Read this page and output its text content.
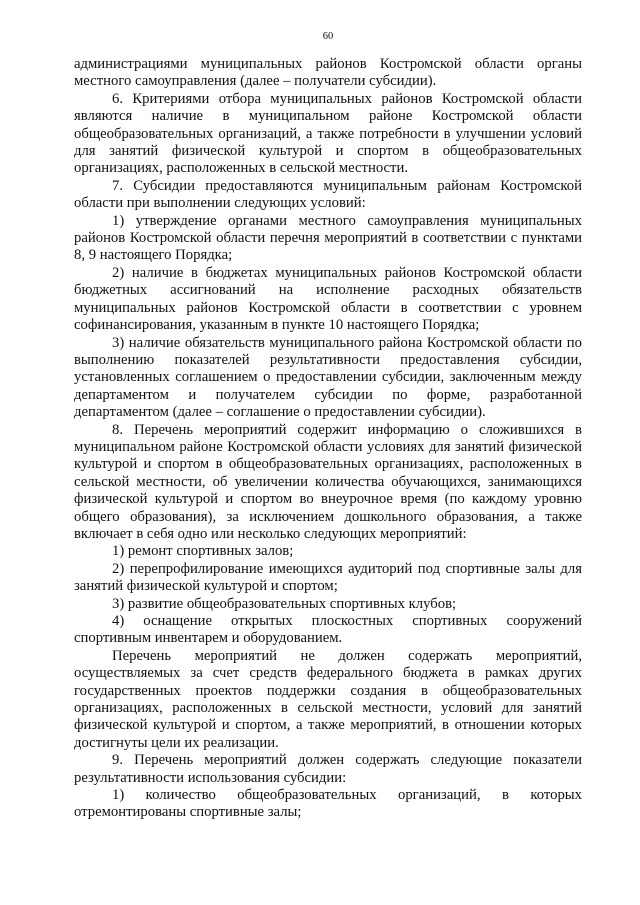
60

администрациями муниципальных районов Костромской области органы местного самоуправления (далее – получатели субсидии).

6. Критериями отбора муниципальных районов Костромской области являются наличие в муниципальном районе Костромской области общеобразовательных организаций, а также потребности в улучшении условий для занятий физической культурой и спортом в общеобразовательных организациях, расположенных в сельской местности.

7. Субсидии предоставляются муниципальным районам Костромской области при выполнении следующих условий:

1) утверждение органами местного самоуправления муниципальных районов Костромской области перечня мероприятий в соответствии с пунктами 8, 9 настоящего Порядка;

2) наличие в бюджетах муниципальных районов Костромской области бюджетных ассигнований на исполнение расходных обязательств муниципальных районов Костромской области в соответствии с уровнем софинансирования, указанным в пункте 10 настоящего Порядка;

3) наличие обязательств муниципального района Костромской области по выполнению показателей результативности предоставления субсидии, установленных соглашением о предоставлении субсидии, заключенным между департаментом и получателем субсидии по форме, разработанной департаментом (далее – соглашение о предоставлении субсидии).

8. Перечень мероприятий содержит информацию о сложившихся в муниципальном районе Костромской области условиях для занятий физической культурой и спортом в общеобразовательных организациях, расположенных в сельской местности, об увеличении количества обучающихся, занимающихся физической культурой и спортом во внеурочное время (по каждому уровню общего образования), за исключением дошкольного образования, а также включает в себя одно или несколько следующих мероприятий:

1) ремонт спортивных залов;

2) перепрофилирование имеющихся аудиторий под спортивные залы для занятий физической культурой и спортом;

3) развитие общеобразовательных спортивных клубов;

4) оснащение открытых плоскостных спортивных сооружений спортивным инвентарем и оборудованием.

Перечень мероприятий не должен содержать мероприятий, осуществляемых за счет средств федерального бюджета в рамках других государственных проектов поддержки создания в общеобразовательных организациях, расположенных в сельской местности, условий для занятий физической культурой и спортом, а также мероприятий, в отношении которых достигнуты цели их реализации.

9. Перечень мероприятий должен содержать следующие показатели результативности использования субсидии:

1) количество общеобразовательных организаций, в которых отремонтированы спортивные залы;
